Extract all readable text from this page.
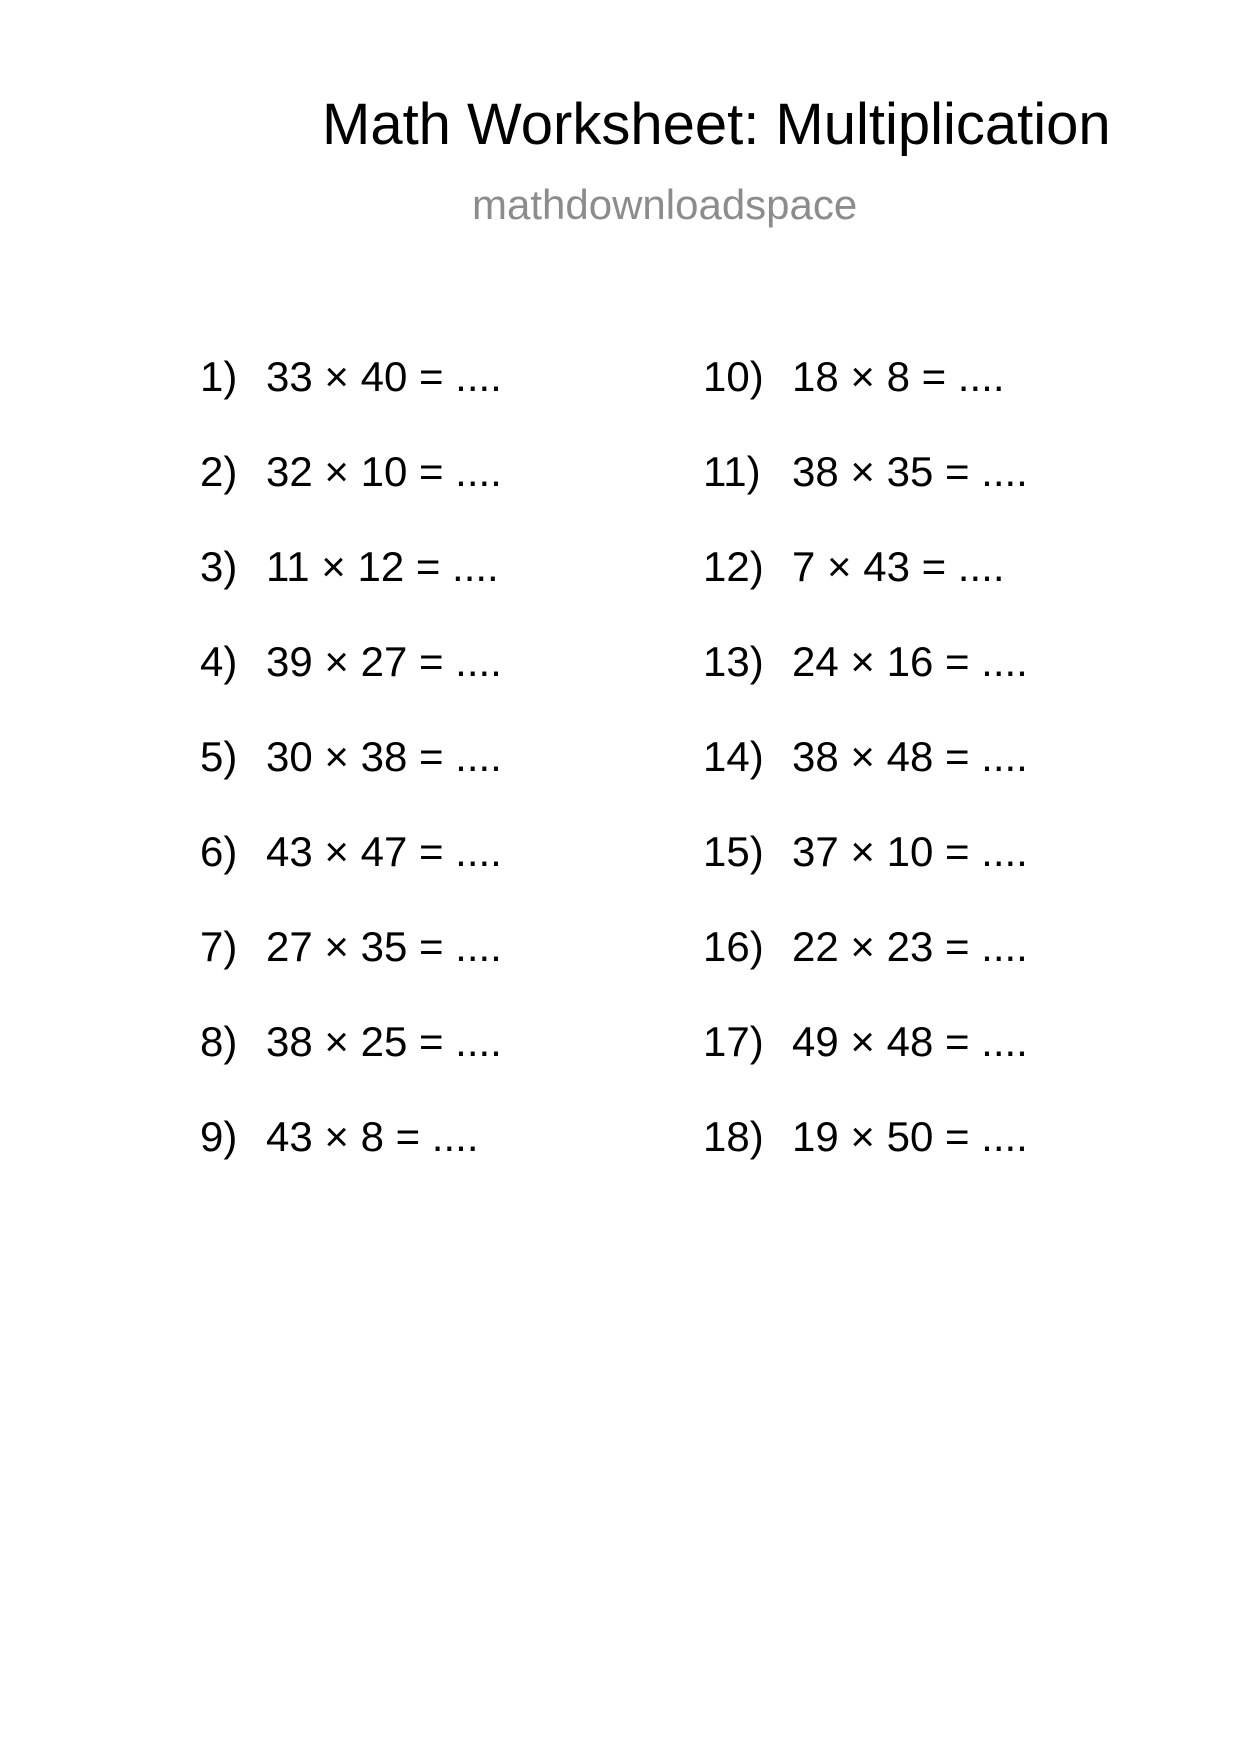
Math Worksheet: Multiplication
mathdownloadspace
1) 33 × 40 = ....
2) 32 × 10 = ....
3) 11 × 12 = ....
4) 39 × 27 = ....
5) 30 × 38 = ....
6) 43 × 47 = ....
7) 27 × 35 = ....
8) 38 × 25 = ....
9) 43 × 8 = ....
10) 18 × 8 = ....
11) 38 × 35 = ....
12) 7 × 43 = ....
13) 24 × 16 = ....
14) 38 × 48 = ....
15) 37 × 10 = ....
16) 22 × 23 = ....
17) 49 × 48 = ....
18) 19 × 50 = ....
